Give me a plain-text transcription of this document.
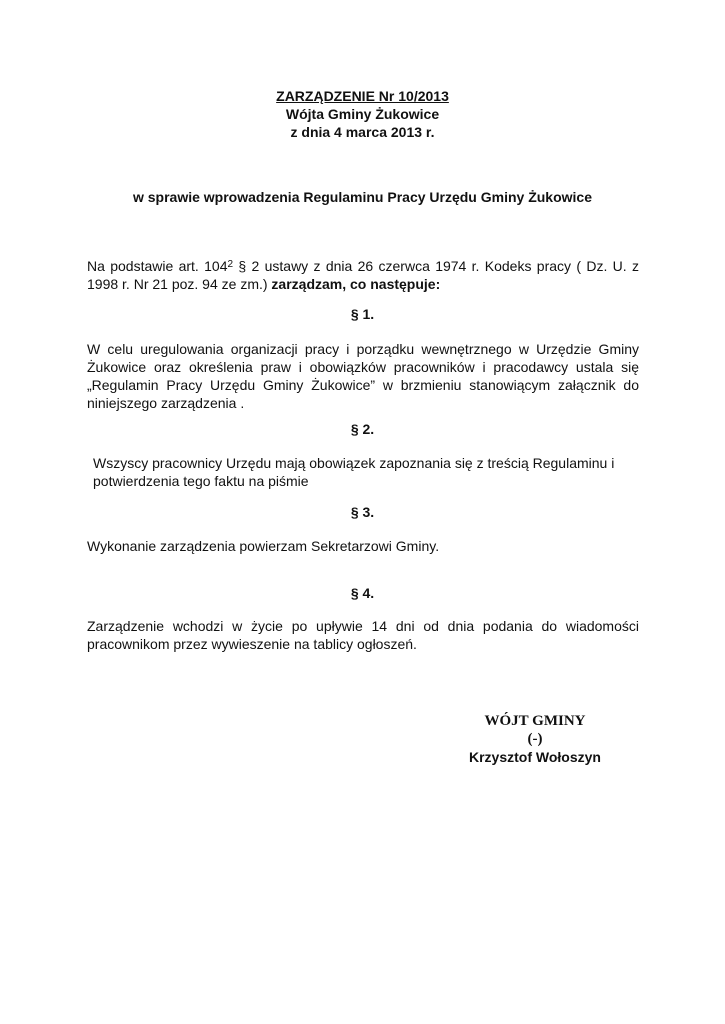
ZARZĄDZENIE Nr 10/2013
Wójta Gminy Żukowice
z dnia 4 marca 2013 r.
w sprawie wprowadzenia Regulaminu Pracy Urzędu Gminy Żukowice
Na podstawie art. $104^2$ § 2 ustawy z dnia 26 czerwca 1974 r. Kodeks pracy ( Dz. U. z 1998 r. Nr 21 poz. 94 ze zm.) zarządzam, co następuje:
§ 1.
W celu uregulowania organizacji pracy i porządku wewnętrznego w Urzędzie Gminy Żukowice oraz określenia praw i obowiązków pracowników i pracodawcy ustala się „Regulamin Pracy Urzędu Gminy Żukowice” w brzmieniu stanowiącym załącznik do niniejszego zarządzenia .
§ 2.
Wszyscy pracownicy Urzędu mają obowiązek zapoznania się z treścią Regulaminu i potwierdzenia tego faktu na piśmie
§ 3.
Wykonanie zarządzenia powierzam Sekretarzowi Gminy.
§ 4.
Zarządzenie wchodzi w życie po upływie 14 dni od dnia podania do wiadomości pracownikom przez wywieszenie na tablicy ogłoszeń.
WÓJT GMINY
(-)
Krzysztof Wołoszyn
